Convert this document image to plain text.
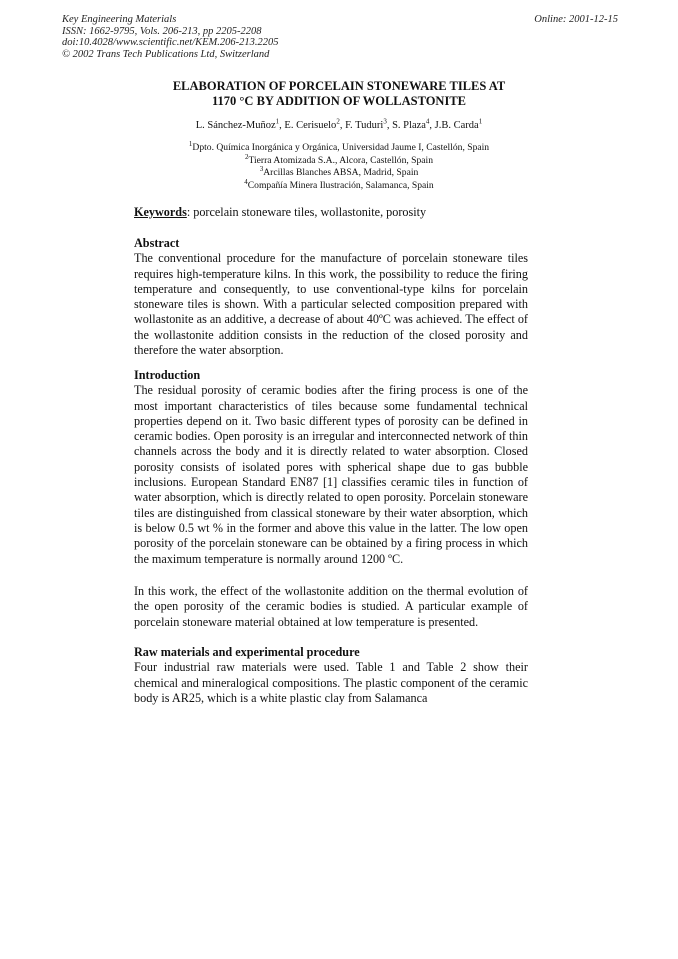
Key Engineering Materials
ISSN: 1662-9795, Vols. 206-213, pp 2205-2208
doi:10.4028/www.scientific.net/KEM.206-213.2205
© 2002 Trans Tech Publications Ltd, Switzerland
Online: 2001-12-15
ELABORATION OF PORCELAIN STONEWARE TILES AT
1170 °C BY ADDITION OF WOLLASTONITE
L. Sánchez-Muñoz$^1$, E. Cerisuelo$^2$, F. Tuduri$^3$, S. Plaza$^4$, J.B. Carda$^1$
$^1$Dpto. Química Inorgánica y Orgánica, Universidad Jaume I, Castellón, Spain
$^2$Tierra Atomizada S.A., Alcora, Castellón, Spain
$^3$Arcillas Blanches ABSA, Madrid, Spain
$^4$Compañía Minera Ilustración, Salamanca, Spain
Keywords: porcelain stoneware tiles, wollastonite, porosity
Abstract

The conventional procedure for the manufacture of porcelain stoneware tiles requires high-temperature kilns. In this work, the possibility to reduce the firing temperature and consequently, to use conventional-type kilns for porcelain stoneware tiles is shown. With a particular selected composition prepared with wollastonite as an additive, a decrease of about 40ºC was achieved. The effect of the wollastonite addition consists in the reduction of the closed porosity and therefore the water absorption.

Introduction

The residual porosity of ceramic bodies after the firing process is one of the most important characteristics of tiles because some fundamental technical properties depend on it. Two basic different types of porosity can be defined in ceramic bodies. Open porosity is an irregular and interconnected network of thin channels across the body and it is directly related to water absorption. Closed porosity consists of isolated pores with spherical shape due to gas bubble inclusions. European Standard EN87 [1] classifies ceramic tiles in function of water absorption, which is directly related to open porosity. Porcelain stoneware tiles are distinguished from classical stoneware by their water absorption, which is below 0.5 wt % in the former and above this value in the latter. The low open porosity of the porcelain stoneware can be obtained by a firing process in which the maximum temperature is normally around 1200 ºC.

In this work, the effect of the wollastonite addition on the thermal evolution of the open porosity of the ceramic bodies is studied. A particular example of porcelain stoneware material obtained at low temperature is presented.

Raw materials and experimental procedure

Four industrial raw materials were used. Table 1 and Table 2 show their chemical and mineralogical compositions. The plastic component of the ceramic body is AR25, which is a white plastic clay from Salamanca
